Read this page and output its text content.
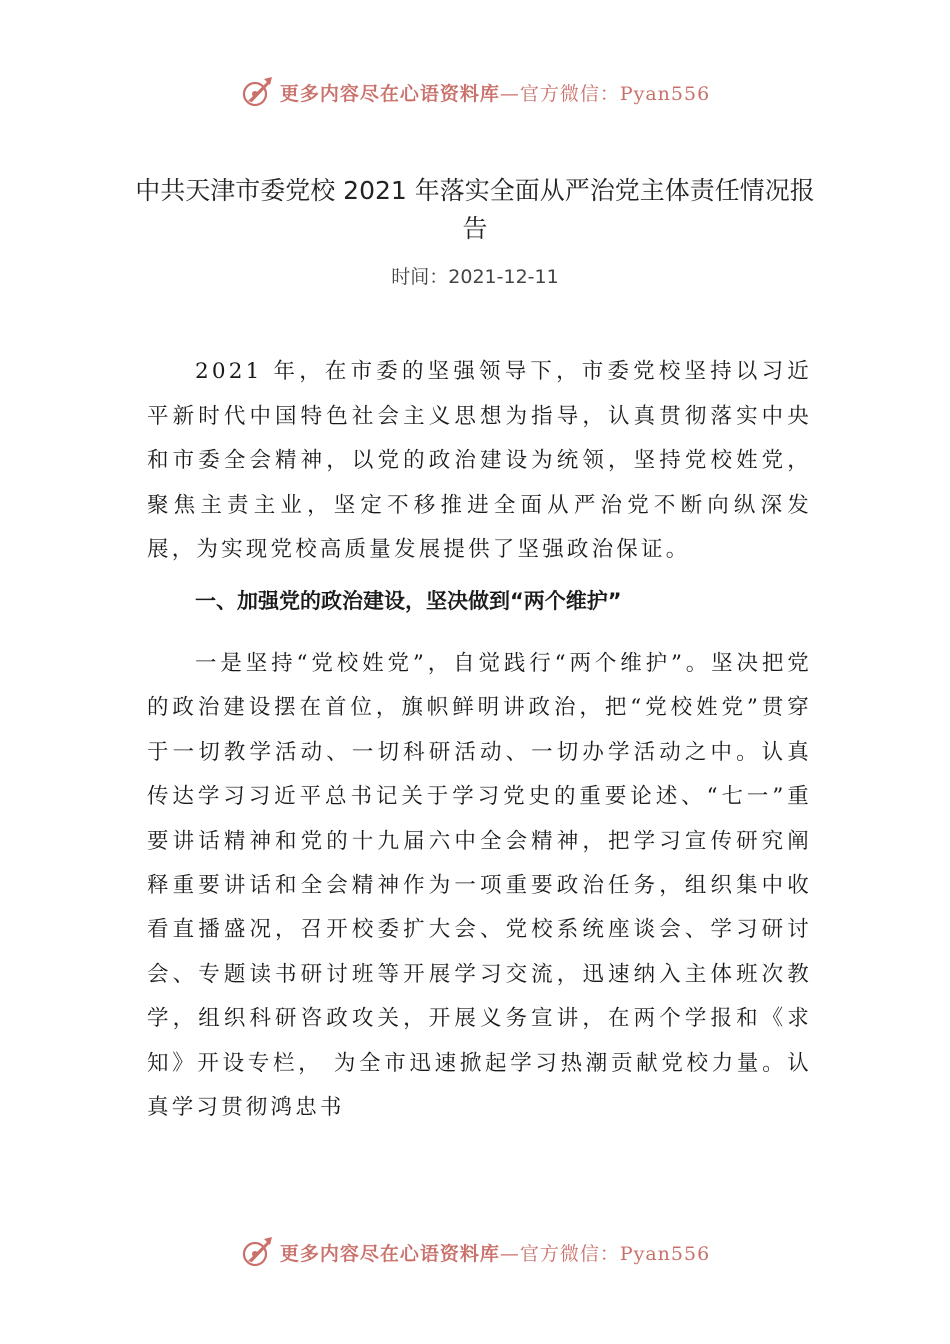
更多内容尽在心语资料库—官方微信：Pyan556
中共天津市委党校 2021 年落实全面从严治党主体责任情况报告
时间：2021-12-11
2021 年，在市委的坚强领导下，市委党校坚持以习近平新时代中国特色社会主义思想为指导，认真贯彻落实中央和市委全会精神，以党的政治建设为统领，坚持党校姓党，聚焦主责主业，坚定不移推进全面从严治党不断向纵深发展，为实现党校高质量发展提供了坚强政治保证。
一、加强党的政治建设，坚决做到“两个维护”
一是坚持“党校姓党”，自觉践行“两个维护”。坚决把党的政治建设摆在首位，旗帜鲜明讲政治，把“党校姓党”贯穿于一切教学活动、一切科研活动、一切办学活动之中。认真传达学习习近平总书记关于学习党史的重要论述、“七一”重要讲话精神和党的十九届六中全会精神，把学习宣传研究阐释重要讲话和全会精神作为一项重要政治任务，组织集中收看直播盛况，召开校委扩大会、党校系统座谈会、学习研讨会、专题读书研讨班等开展学习交流，迅速纳入主体班次教学，组织科研咨政攻关，开展义务宣讲，在两个学报和《求知》开设专栏， 为全市迅速掀起学习热潮贡献党校力量。认真学习贯彻鸿忠书
更多内容尽在心语资料库—官方微信：Pyan556
